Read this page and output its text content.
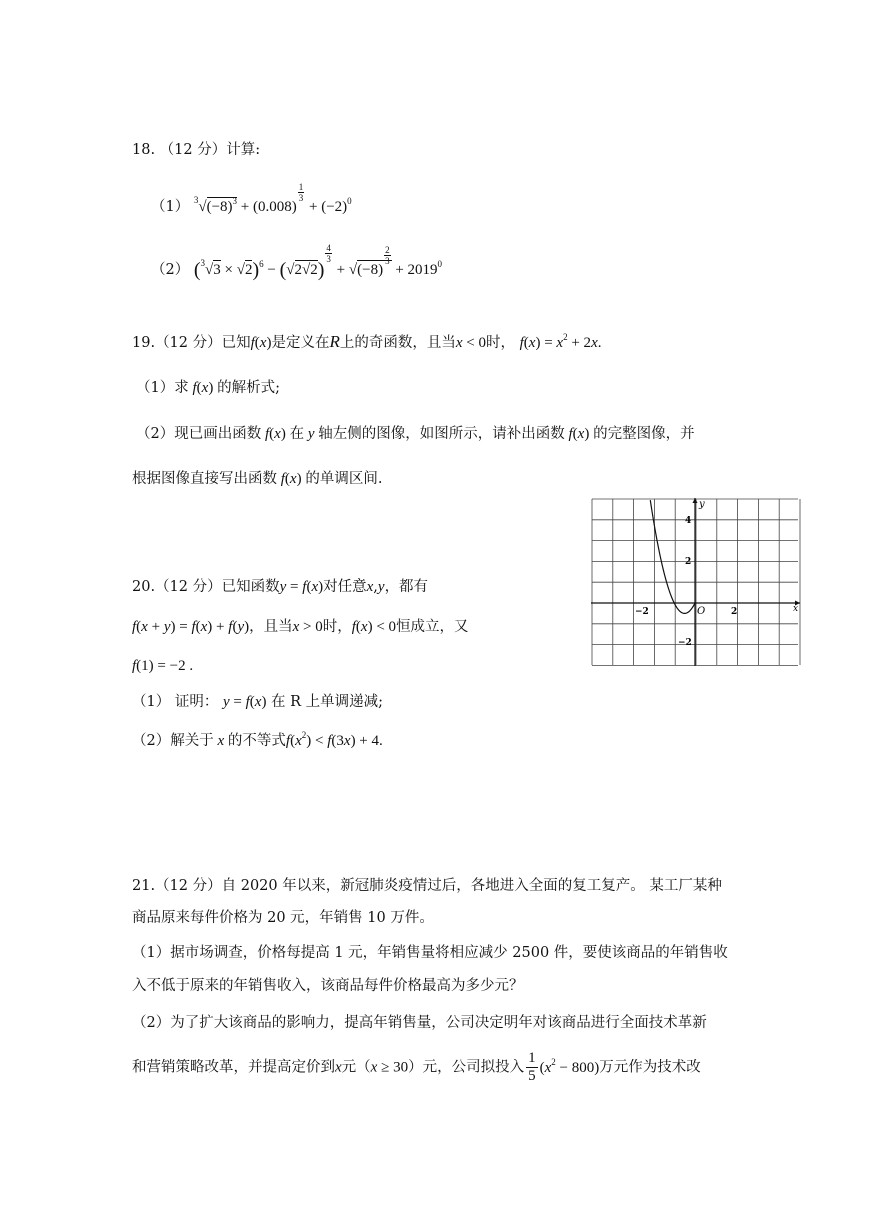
18. （12 分）计算:
（1） $^3√(-8)^3 + (0.008)$
$\frac{1}{3}$
+ $(-2)^0$
（2） $(^3√3 \times √2)^6 - (√2√2)$
$\frac{4}{3}$
+ √(−8)
$\frac{2}{3}$
+ $2019^0$
19.（12 分）已知f(x)是定义在R上的奇函数，且当x < 0时， $f(x) = x^2 + 2x$.
（1）求 f(x) 的解析式;
（2）现已画出函数 f(x) 在 y 轴左侧的图像，如图所示，请补出函数 f(x) 的完整图像，并
根据图像直接写出函数 f(x) 的单调区间.
x
y
O
−2	2
4
2
−2
20.（12 分）已知函数y = f(x)对任意x,y，都有
f(x + y) = f(x) + f(y)，且当x > 0时，f(x) < 0恒成立，又
f(1) = −2 .
（1） 证明： y = f(x) 在 R 上单调递减;
（2）解关于 x 的不等式$f(x^2) < f(3x) + 4$.
21.（12 分）自 2020 年以来，新冠肺炎疫情过后，各地进入全面的复工复产。 某工厂某种
商品原来每件价格为 20 元，年销售 10 万件。
（1）据市场调查，价格每提高 1 元，年销售量将相应减少 2500 件，要使该商品的年销售收
入不低于原来的年销售收入，该商品每件价格最高为多少元？
（2）为了扩大该商品的影响力，提高年销售量，公司决定明年对该商品进行全面技术革新
和营销策略改革，并提高定价到x元（x ≥ 30）元，公司拟投入 $\frac{1}{5} (x^2 - 800)$万元作为技术改
